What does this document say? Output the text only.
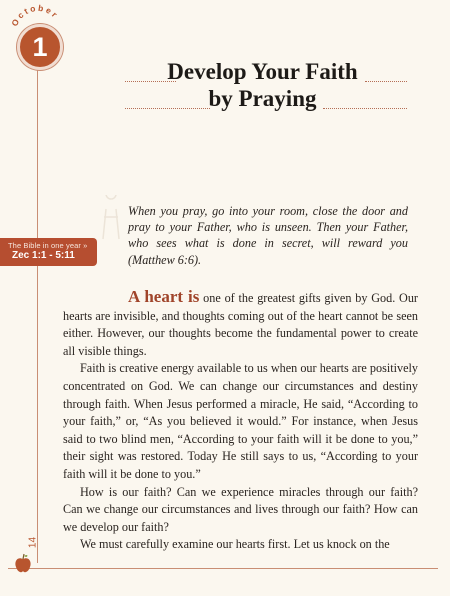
October
1
Develop Your Faith
by Praying
The Bible in one year »
Zec 1:1 - 5:11
When you pray, go into your room, close the door and pray to your Father, who is unseen. Then your Father, who sees what is done in secret, will reward you (Matthew 6:6).

A heart is one of the greatest gifts given by God. Our hearts are invisible, and thoughts coming out of the heart cannot be seen either. However, our thoughts become the fundamental power to create all visible things.

Faith is creative energy available to us when our hearts are positively concentrated on God. We can change our circumstances and destiny through faith. When Jesus performed a miracle, He said, “According to your faith,” or, “As you believed it would.” For instance, when Jesus said to two blind men, “According to your faith will it be done to you,” their sight was restored. Today He still says to us, “According to your faith will it be done to you.”

How is our faith? Can we experience miracles through our faith? Can we change our circumstances and lives through our faith? How can we develop our faith?

We must carefully examine our hearts first. Let us knock on the

14
